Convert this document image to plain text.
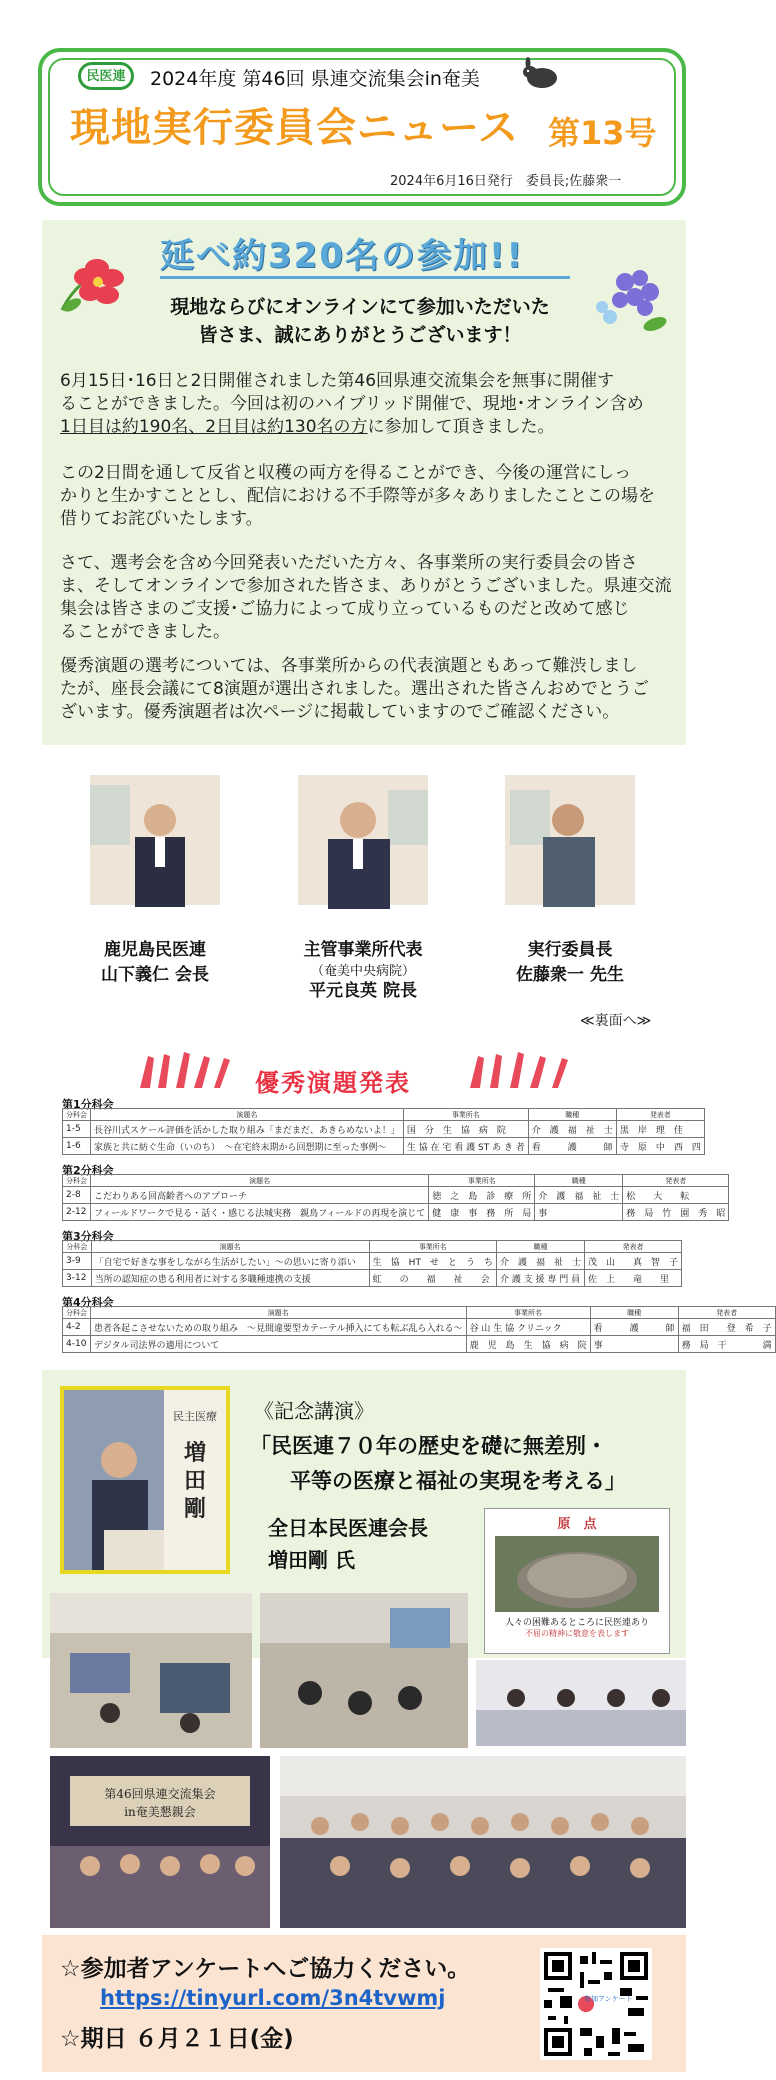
民医連	2024年度 第46回 県連交流集会in奄美
現地実行委員会ニュース 第13号
2024年6月16日発行　委員長;佐藤衆一
延べ約320名の参加!!
現地ならびにオンラインにて参加いただいた
皆さま、誠にありがとうございます！
6月15日･16日と2日開催されました第46回県連交流集会を無事に開催す
ることができました。今回は初のハイブリッド開催で、現地･オンライン含め
1日目は約190名、2日目は約130名の方に参加して頂きました。
この2日間を通して反省と収穫の両方を得ることができ、今後の運営にしっ
かりと生かすこととし、配信における不手際等が多々ありましたことこの場を
借りてお詫びいたします。
さて、選考会を含め今回発表いただいた方々、各事業所の実行委員会の皆さ
ま、そしてオンラインで参加された皆さま、ありがとうございました。県連交流
集会は皆さまのご支援･ご協力によって成り立っているものだと改めて感じ
ることができました。
優秀演題の選考については、各事業所からの代表演題ともあって難渋しまし
たが、座長会議にて8演題が選出されました。選出された皆さんおめでとうご
ざいます。優秀演題者は次ページに掲載していますのでご確認ください。
鹿児島民医連
山下義仁 会長
主管事業所代表
（奄美中央病院）
平元良英 院長
実行委員長
佐藤衆一 先生
≪裏面へ≫
優秀演題発表
第1分科会
分科会	演題名	事業所名	職種	発表者
1-5	長谷川式スケール評価を活かした取り組み「まだまだ、あきらめないよ！」	国　分　生　協　病　院	介　護　福　祉　士	黒　岸　理　佳
1-6	家族と共に紡ぐ生命（いのち）　～在宅終末期から回想期に至った事例～	生 協 在 宅 看 護 ST あ き 者	看　　　護　　　師	寺　原　中　西　四
第2分科会
分科会	演題名	事業所名	職種	発表者
2-8	こだわりある回高齢者へのアプローチ	徳　之　島　診　療　所	介　護　福　祉　士	松　　大　　転
2-12	フィールドワークで見る・話く・感じる法城実務　親鳥フィールドの再現を演じて	健　康　事　務　所　局	事	務　局　竹　園　秀　昭
第3分科会
分科会	演題名	事業所名	職種	発表者
3-9	「自宅で好きな事をしながら生活がしたい」～の思いに寄り添い	生　協　HT　せ　と　う　ち	介　護　福　祉　士	茂　山　　真　智　子
3-12	当所の認知症の患る利用者に対する多職種連携の支援	虹　　の　　福　　祉　　会	介 護 支 援 専 門 員	佐　上　　竜　　里
第4分科会
分科会	演題名	事業所名	職種	発表者
4-2	患者各起こさせないための取り組み　～見間違要型カテーテル挿入にても転ぶ乱ら入れる～	谷 山 生 協 クリニック	看　　　護　　　師	福　田　　登　希　子
4-10	デジタル司法界の適用について	鹿　児　島　生　協　病　院	事	務　局　干　　　　満
民主医療
増
田
剛
《記念講演》
「民医連７０年の歴史を礎に無差別・
平等の医療と福祉の実現を考える」
全日本民医連会長
増田剛 氏
原　点
人々の困難あるところに民医連あり
不屈の精神に敬意を表します
第46回県連交流集会
in奄美懇親会
☆参加者アンケートへご協力ください。
https://tinyurl.com/3n4tvwmj
☆期日 ６月２１日(金)
参加アンケート
